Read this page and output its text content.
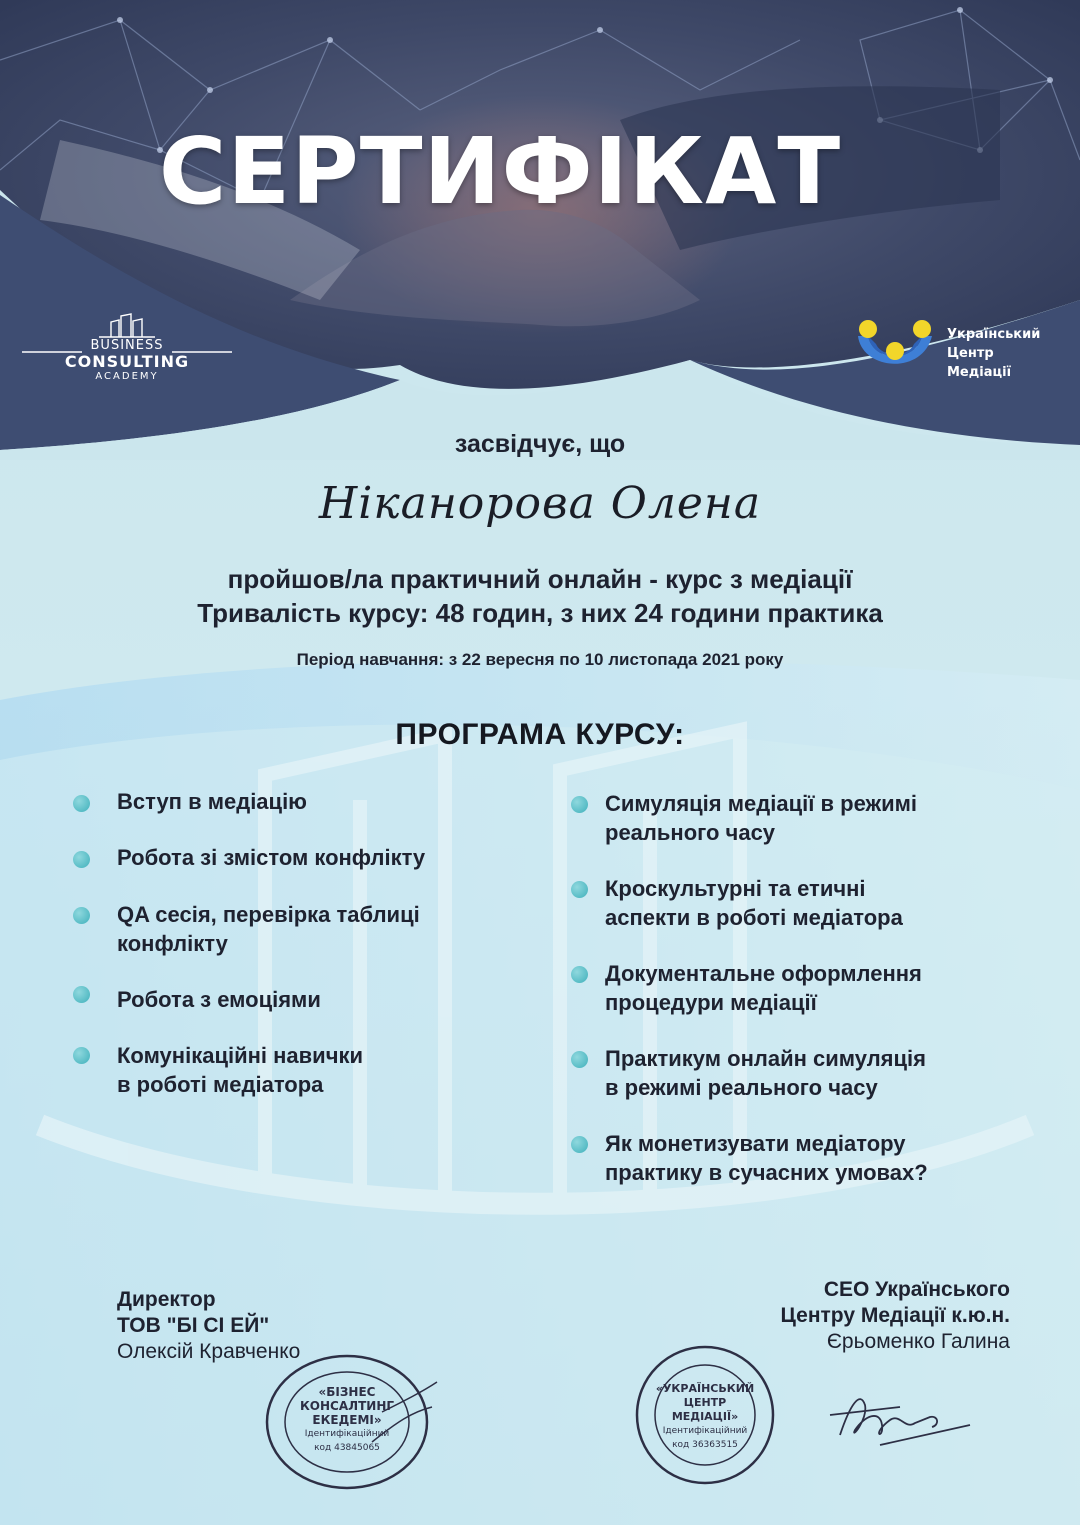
СЕРТИФІКАТ
BUSINESS
CONSULTING
ACADEMY
Український
Центр
Медіації
засвідчує, що
Ніканорова Олена
пройшов/ла практичний онлайн - курс з медіації
Тривалість курсу: 48 годин, з них 24 години практика
Період навчання: з 22 вересня по 10 листопада 2021 року
ПРОГРАМА КУРСУ:
Вступ в медіацію
Робота зі змістом конфлікту
QA сесія, перевірка таблиці
конфлікту
Робота з емоціями
Комунікаційні навички
в роботі медіатора
Симуляція медіації в режимі
реального часу
Кроскультурні та етичні
аспекти в роботі медіатора
Документальне оформлення
процедури медіації
Практикум онлайн симуляція
в режимі реального часу
Як монетизувати медіатору
практику в сучасних умовах?
«БІЗНЕС
КОНСАЛТИНГ
ЕКЕДЕМІ»
Ідентифікаційний
код 43845065
«УКРАЇНСЬКИЙ
ЦЕНТР
МЕДІАЦІЇ»
Ідентифікаційний
код 36363515
Директор
ТОВ "БІ СІ ЕЙ"
Олексій Кравченко
СЕО Українського
Центру Медіації к.ю.н.
Єрьоменко Галина
